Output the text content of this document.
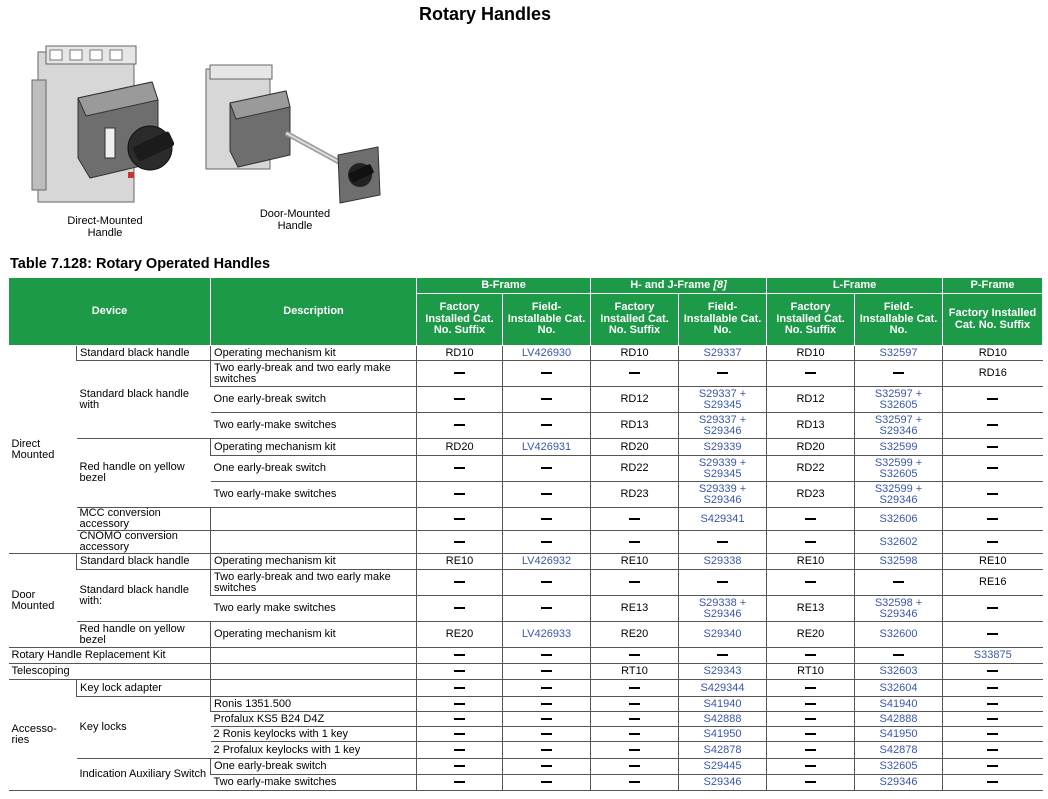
Rotary Handles
Direct-Mounted Handle
Door-Mounted Handle
Table 7.128: Rotary Operated Handles
Device		Description	B-Frame		H- and J-Frame [8]		L-Frame		P-Frame
			Factory Installed Cat. No. Suffix	Field- Installable Cat. No.	Factory Installed Cat. No. Suffix	Field- Installable Cat. No.	Factory Installed Cat. No. Suffix	Field- Installable Cat. No.	Factory Installed Cat. No. Suffix
Direct Mounted	Standard black handle	Operating mechanism kit	RD10	LV426930	RD10	S29337	RD10	S32597	RD10
	Standard black handle with	Two early-break and two early make switches							RD16
		One early-break switch			RD12	S29337 + S29345	RD12	S32597 + S32605	
		Two early-make switches			RD13	S29337 + S29346	RD13	S32597 + S29346	
	Red handle on yellow bezel	Operating mechanism kit	RD20	LV426931	RD20	S29339	RD20	S32599	
		One early-break switch			RD22	S29339 + S29345	RD22	S32599 + S32605	
		Two early-make switches			RD23	S29339 + S29346	RD23	S32599 + S29346	
	MCC conversion accessory					S429341		S32606	
	CNOMO conversion accessory							S32602	
Door Mounted	Standard black handle	Operating mechanism kit	RE10	LV426932	RE10	S29338	RE10	S32598	RE10
	Standard black handle with:	Two early-break and two early make switches							RE16
		Two early make switches			RE13	S29338 + S29346	RE13	S32598 + S29346	
	Red handle on yellow bezel	Operating mechanism kit	RE20	LV426933	RE20	S29340	RE20	S32600	
Rotary Handle Replacement Kit									S33875
Telescoping					RT10	S29343	RT10	S32603	
Accesso- ries	Key lock adapter					S429344		S32604	
	Key locks	Ronis 1351.500				S41940		S41940	
		Profalux KS5 B24 D4Z				S42888		S42888	
		2 Ronis keylocks with 1 key				S41950		S41950	
		2 Profalux keylocks with 1 key				S42878		S42878	
	Indication Auxiliary Switch	One early-break switch				S29445		S32605	
		Two early-make switches				S29346		S29346	
